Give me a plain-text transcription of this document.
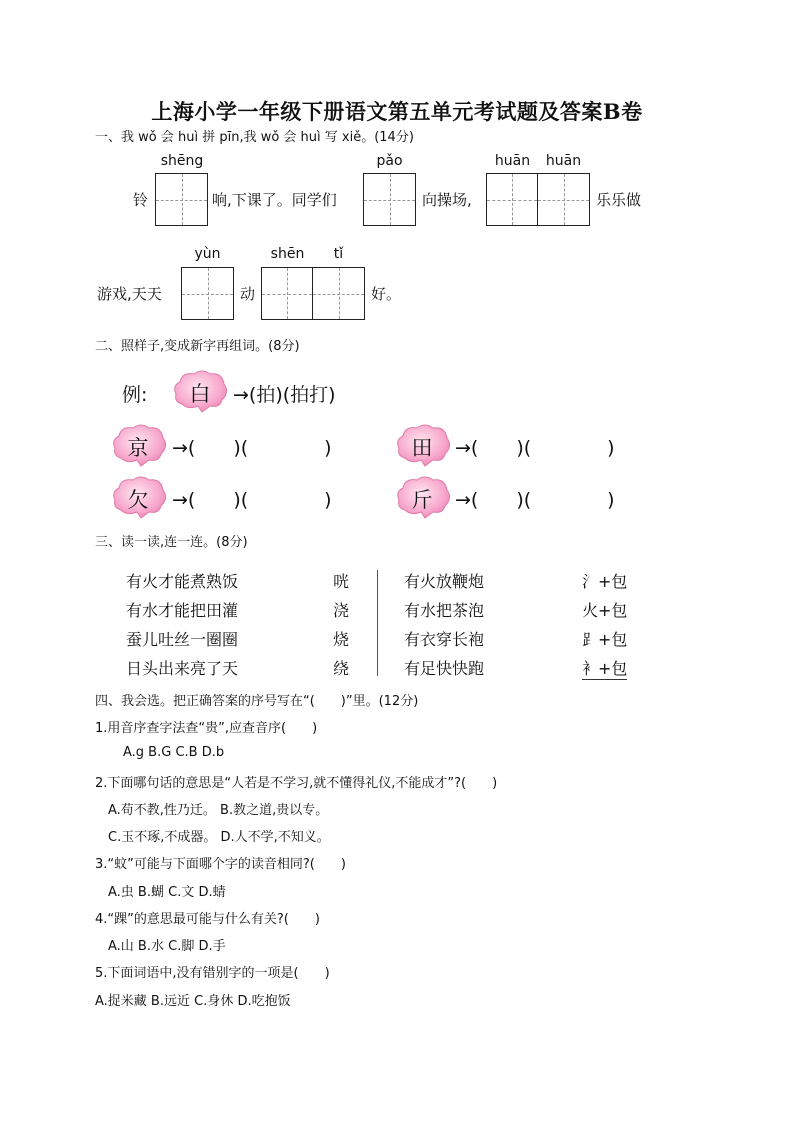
上海小学一年级下册语文第五单元考试题及答案B卷
一、我 wǒ 会 huì 拼 pīn,我 wǒ 会 huì 写 xiě。(14分)
shēng	pǎo	huān	huān
铃	响,下课了。同学们	向操场,	乐乐做
yùn	shēn	tǐ
游戏,天天	动	好。
二、照样子,变成新字再组词。(8分)
例:	白	→(拍)(拍打)
京	→(　　)(　　　　)	田	→(　　)(　　　　)
欠	→(　　)(　　　　)	斤	→(　　)(　　　　)
三、读一读,连一连。(8分)
有火才能煮熟饭	咣
有水才能把田灌	浇
蚕儿吐丝一圈圈	烧
日头出来亮了天	绕
有火放鞭炮	氵+包
有水把茶泡	火+包
有衣穿长袍	⻊+包
有足快快跑	衤+包
四、我会选。把正确答案的序号写在“(　　)”里。(12分)
1.用音序查字法查“贵”,应查音序(　　)
A.g B.G C.B D.b
2.下面哪句话的意思是“人若是不学习,就不懂得礼仪,不能成才”?(　　)
A.苟不教,性乃迁。 B.教之道,贵以专。
C.玉不琢,不成器。 D.人不学,不知义。
3.“蚊”可能与下面哪个字的读音相同?(　　)
A.虫 B.蝴 C.文 D.蜻
4.“踝”的意思最可能与什么有关?(　　)
A.山 B.水 C.脚 D.手
5.下面词语中,没有错别字的一项是(　　)
A.捉米藏 B.远近 C.身休 D.吃抱饭
